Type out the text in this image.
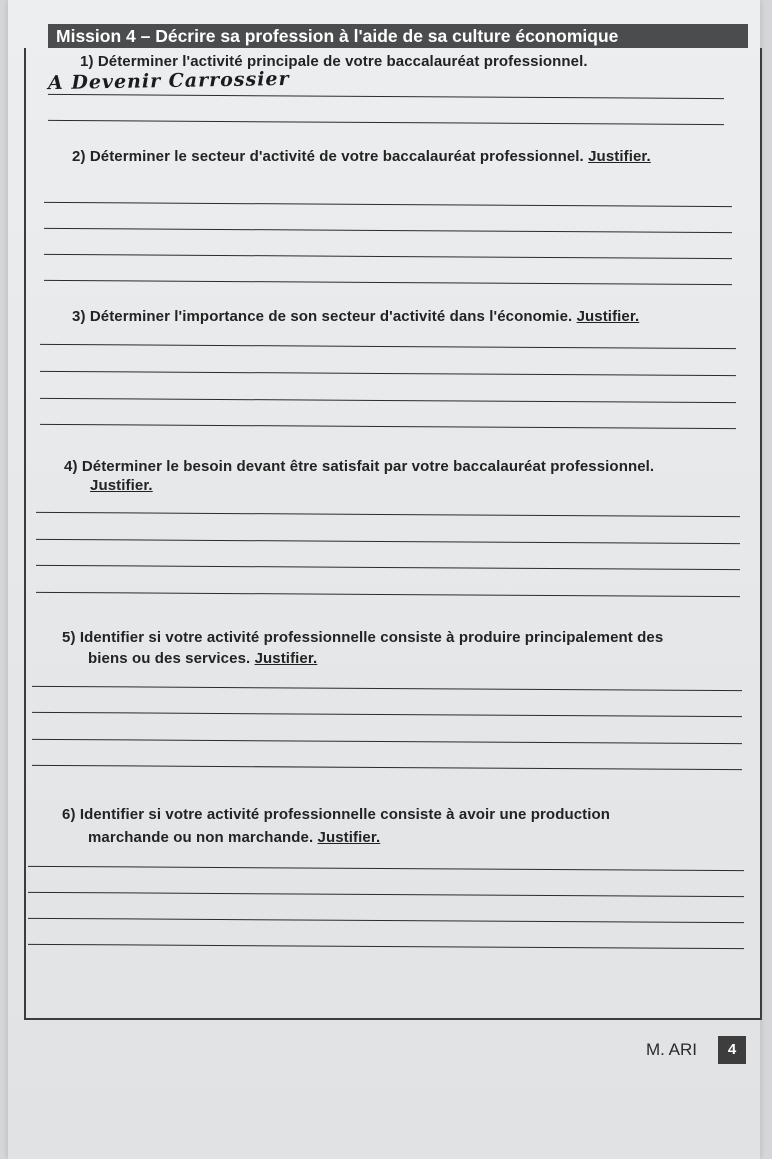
Mission 4 – Décrire sa profession à l'aide de sa culture économique
1) Déterminer l'activité principale de votre baccalauréat professionnel.
A Devenir Carrossier
2) Déterminer le secteur d'activité de votre baccalauréat professionnel. Justifier.
3) Déterminer l'importance de son secteur d'activité dans l'économie. Justifier.
4) Déterminer le besoin devant être satisfait par votre baccalauréat professionnel.
Justifier.
5) Identifier si votre activité professionnelle consiste à produire principalement des
biens ou des services. Justifier.
6) Identifier si votre activité professionnelle consiste à avoir une production
marchande ou non marchande. Justifier.
M. ARI	4
